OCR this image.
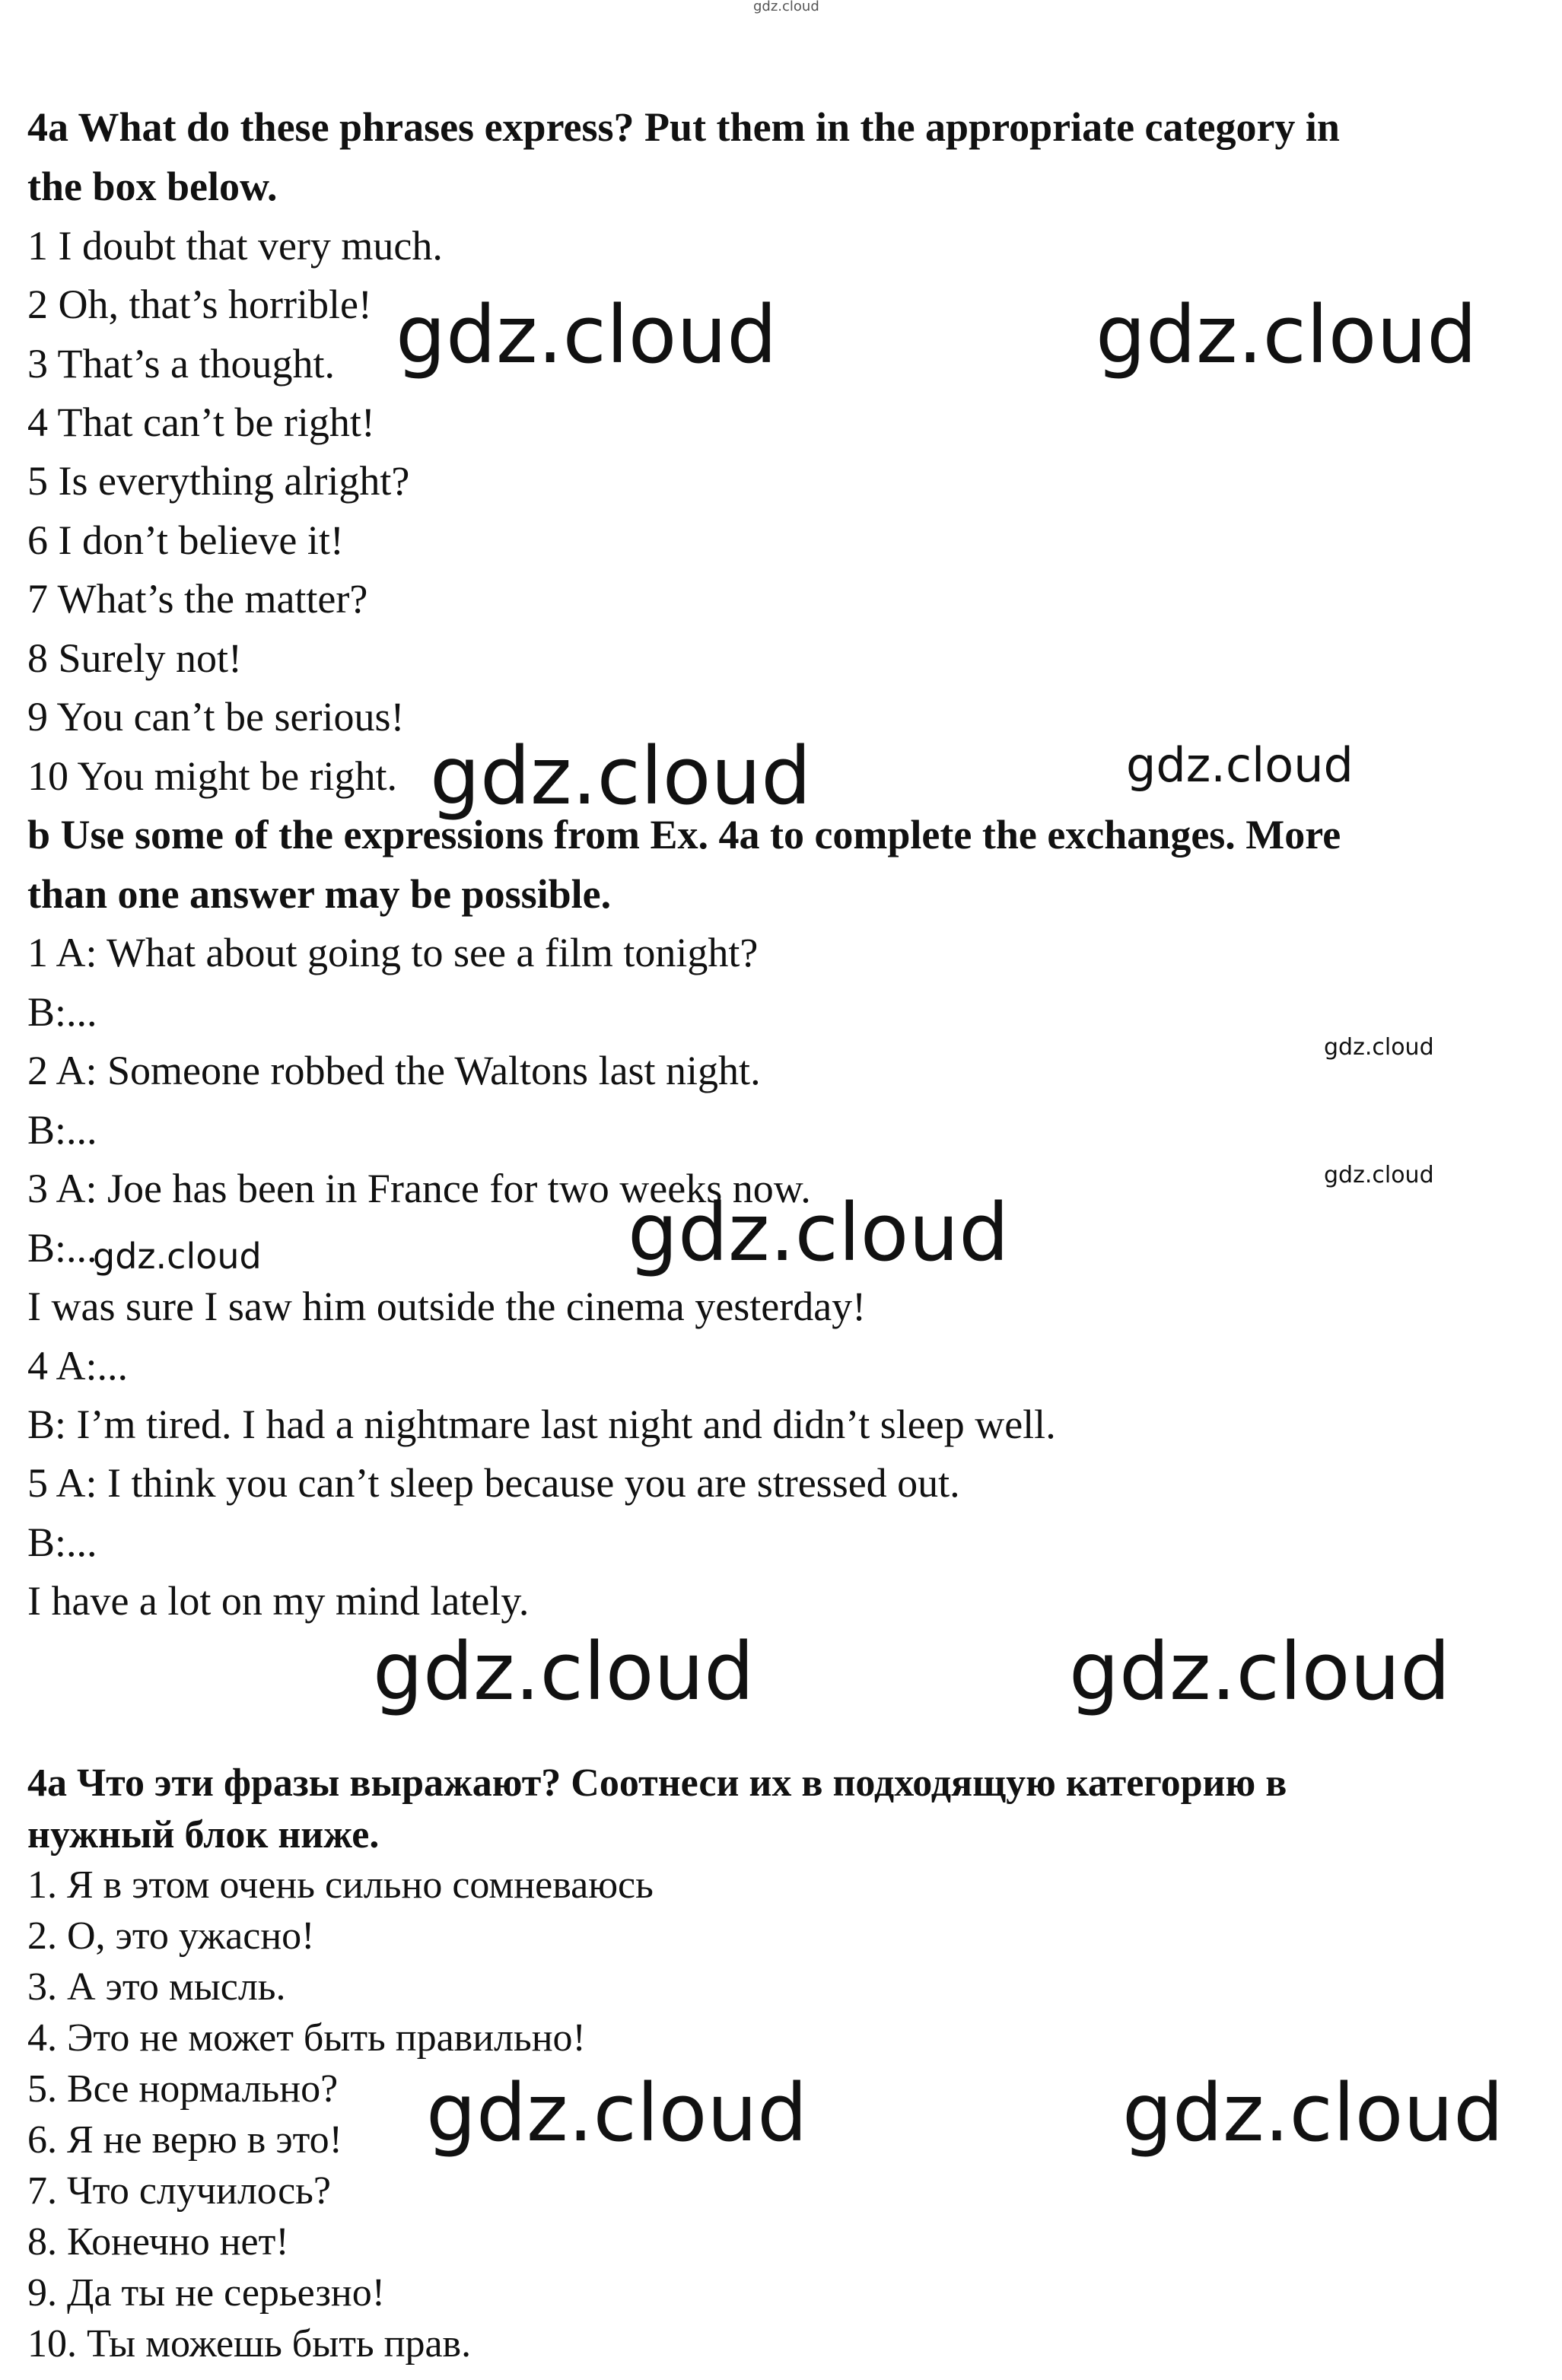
gdz.cloud
4a What do these phrases express? Put them in the appropriate category in
the box below.
1 I doubt that very much.
2 Oh, that’s horrible!
3 That’s a thought.
4 That can’t be right!
5 Is everything alright?
6 I don’t believe it!
7 What’s the matter?
8 Surely not!
9 You can’t be serious!
10 You might be right.
b Use some of the expressions from Ex. 4a to complete the exchanges. More
than one answer may be possible.
1 A: What about going to see a film tonight?
B:...
2 A: Someone robbed the Waltons last night.
B:...
3 A: Joe has been in France for two weeks now.
B:...
I was sure I saw him outside the cinema yesterday!
4 A:...
B: I’m tired. I had a nightmare last night and didn’t sleep well.
5 A: I think you can’t sleep because you are stressed out.
B:...
I have a lot on my mind lately.
4a Что эти фразы выражают? Соотнеси их в подходящую категорию в
нужный блок ниже.
1. Я в этом очень сильно сомневаюсь
2. О, это ужасно!
3. А это мысль.
4. Это не может быть правильно!
5. Все нормально?
6. Я не верю в это!
7. Что случилось?
8. Конечно нет!
9. Да ты не серьезно!
10. Ты можешь быть прав.
gdz.cloud	gdz.cloud
gdz.cloud	gdz.cloud
gdz.cloud
gdz.cloud
gdz.cloud
gdz.cloud
gdz.cloud	gdz.cloud
gdz.cloud	gdz.cloud
